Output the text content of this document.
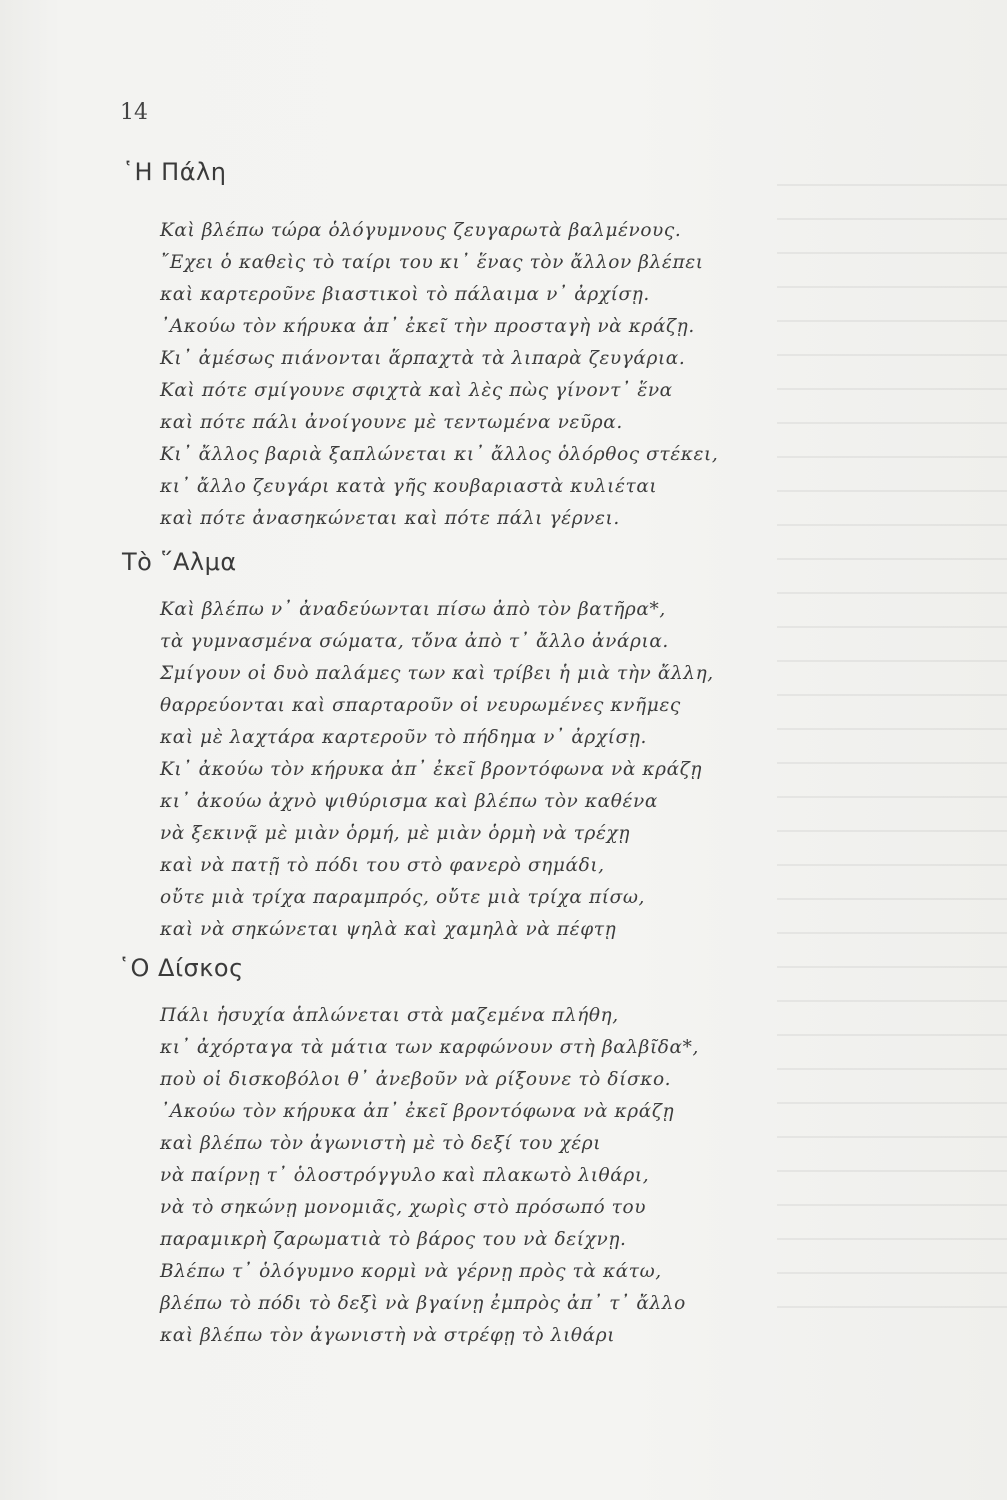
14

῾Η Πάλη
Καὶ βλέπω τώρα ὁλόγυμνους ζευγαρωτὰ βαλμένους.
῎Εχει ὁ καθεὶς τὸ ταίρι του κι᾽ ἕνας τὸν ἄλλον βλέπει
καὶ καρτεροῦνε βιαστικοὶ τὸ πάλαιμα ν᾽ ἀρχίσῃ.
᾽Ακούω τὸν κήρυκα ἀπ᾽ ἐκεῖ τὴν προσταγὴ νὰ κράζῃ.
Κι᾽ ἀμέσως πιάνονται ἅρπαχτὰ τὰ λιπαρὰ ζευγάρια.
Καὶ πότε σμίγουνε σφιχτὰ καὶ λὲς πὼς γίνοντ᾽ ἕνα
καὶ πότε πάλι ἀνοίγουνε μὲ τεντωμένα νεῦρα.
Κι᾽ ἄλλος βαριὰ ξαπλώνεται κι᾽ ἄλλος ὁλόρθος στέκει,
κι᾽ ἄλλο ζευγάρι κατὰ γῆς κουβαριαστὰ κυλιέται
καὶ πότε ἀνασηκώνεται καὶ πότε πάλι γέρνει.
Τὸ ῞Αλμα
Καὶ βλέπω ν᾽ ἀναδεύωνται πίσω ἀπὸ τὸν βατῆρα*,
τὰ γυμνασμένα σώματα, τὄνα ἀπὸ τ᾽ ἄλλο ἀνάρια.
Σμίγουν οἱ δυὸ παλάμες των καὶ τρίβει ἡ μιὰ τὴν ἄλλη,
θαρρεύονται καὶ σπαρταροῦν οἱ νευρωμένες κνῆμες
καὶ μὲ λαχτάρα καρτεροῦν τὸ πήδημα ν᾽ ἀρχίσῃ.
Κι᾽ ἀκούω τὸν κήρυκα ἀπ᾽ ἐκεῖ βροντόφωνα νὰ κράζῃ
κι᾽ ἀκούω ἀχνὸ ψιθύρισμα καὶ βλέπω τὸν καθένα
νὰ ξεκινᾷ μὲ μιὰν ὁρμή, μὲ μιὰν ὁρμὴ νὰ τρέχῃ
καὶ νὰ πατῇ τὸ πόδι του στὸ φανερὸ σημάδι,
οὔτε μιὰ τρίχα παραμπρός, οὔτε μιὰ τρίχα πίσω,
καὶ νὰ σηκώνεται ψηλὰ καὶ χαμηλὰ νὰ πέφτῃ
῾Ο Δίσκος
Πάλι ἡσυχία ἁπλώνεται στὰ μαζεμένα πλήθη,
κι᾽ ἀχόρταγα τὰ μάτια των καρφώνουν στὴ βαλβῖδα*,
ποὺ οἱ δισκοβόλοι θ᾽ ἀνεβοῦν νὰ ρίξουνε τὸ δίσκο.
᾽Ακούω τὸν κήρυκα ἀπ᾽ ἐκεῖ βροντόφωνα νὰ κράζῃ
καὶ βλέπω τὸν ἀγωνιστὴ μὲ τὸ δεξί του χέρι
νὰ παίρνῃ τ᾽ ὁλοστρόγγυλο καὶ πλακωτὸ λιθάρι,
νὰ τὸ σηκώνῃ μονομιᾶς, χωρὶς στὸ πρόσωπό του
παραμικρὴ ζαρωματιὰ τὸ βάρος του νὰ δείχνῃ.
Βλέπω τ᾽ ὁλόγυμνο κορμὶ νὰ γέρνῃ πρὸς τὰ κάτω,
βλέπω τὸ πόδι τὸ δεξὶ νὰ βγαίνῃ ἐμπρὸς ἀπ᾽ τ᾽ ἄλλο
καὶ βλέπω τὸν ἀγωνιστὴ νὰ στρέφῃ τὸ λιθάρι
